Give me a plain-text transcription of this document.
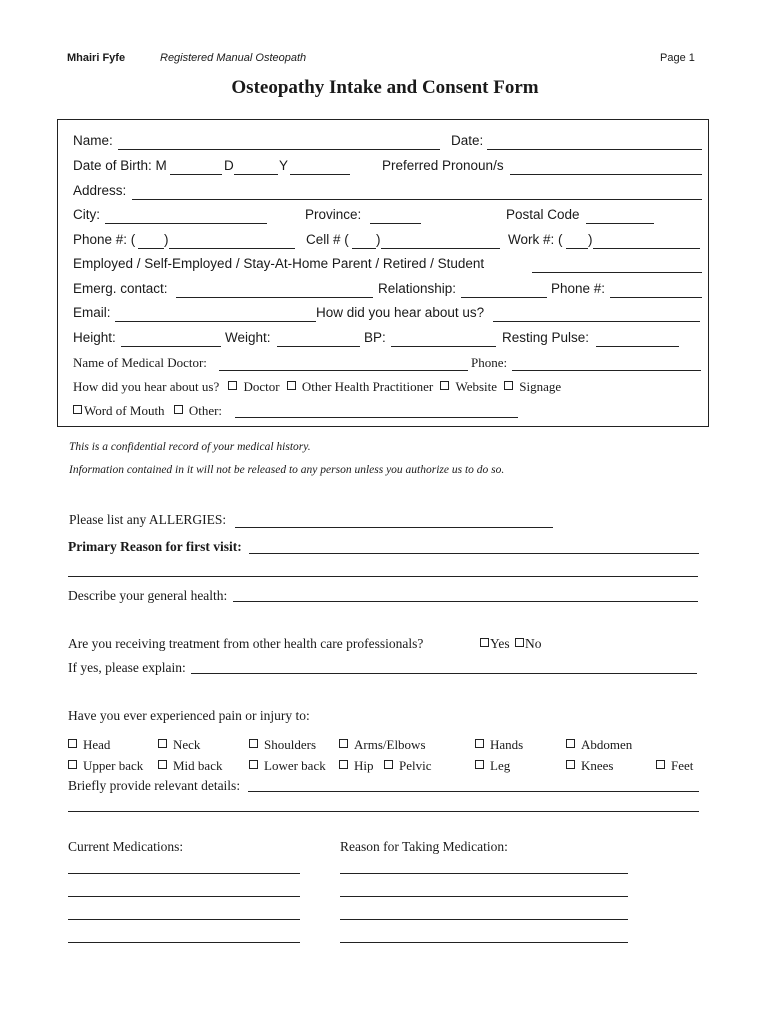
Mhairi Fyfe	Registered Manual Osteopath	Page 1
Osteopathy Intake and Consent Form
Name:	Date:
Date of Birth: M	D	Y	Preferred Pronoun/s
Address:
City:	Province:	Postal Code
Phone #: ( )	Cell # ( )	Work #: ( )
Employed / Self-Employed / Stay-At-Home Parent / Retired / Student
Emerg. contact:	Relationship:	Phone #:
Email:	How did you hear about us?
Height:	Weight:	BP:	Resting Pulse:
Name of Medical Doctor:	Phone:
How did you hear about us? Doctor Other Health Practitioner Website Signage
Word of Mouth Other:
This is a confidential record of your medical history.
Information contained in it will not be released to any person unless you authorize us to do so.
Please list any ALLERGIES:
Primary Reason for first visit:
Describe your general health:
Are you receiving treatment from other health care professionals?	Yes No
If yes, please explain:
Have you ever experienced pain or injury to:
Head	Neck	Shoulders	Arms/Elbows	Hands	Abdomen
Upper back	Mid back	Lower back	Hip	Pelvic	Leg	Knees	Feet
Briefly provide relevant details:
Current Medications:	Reason for Taking Medication:
